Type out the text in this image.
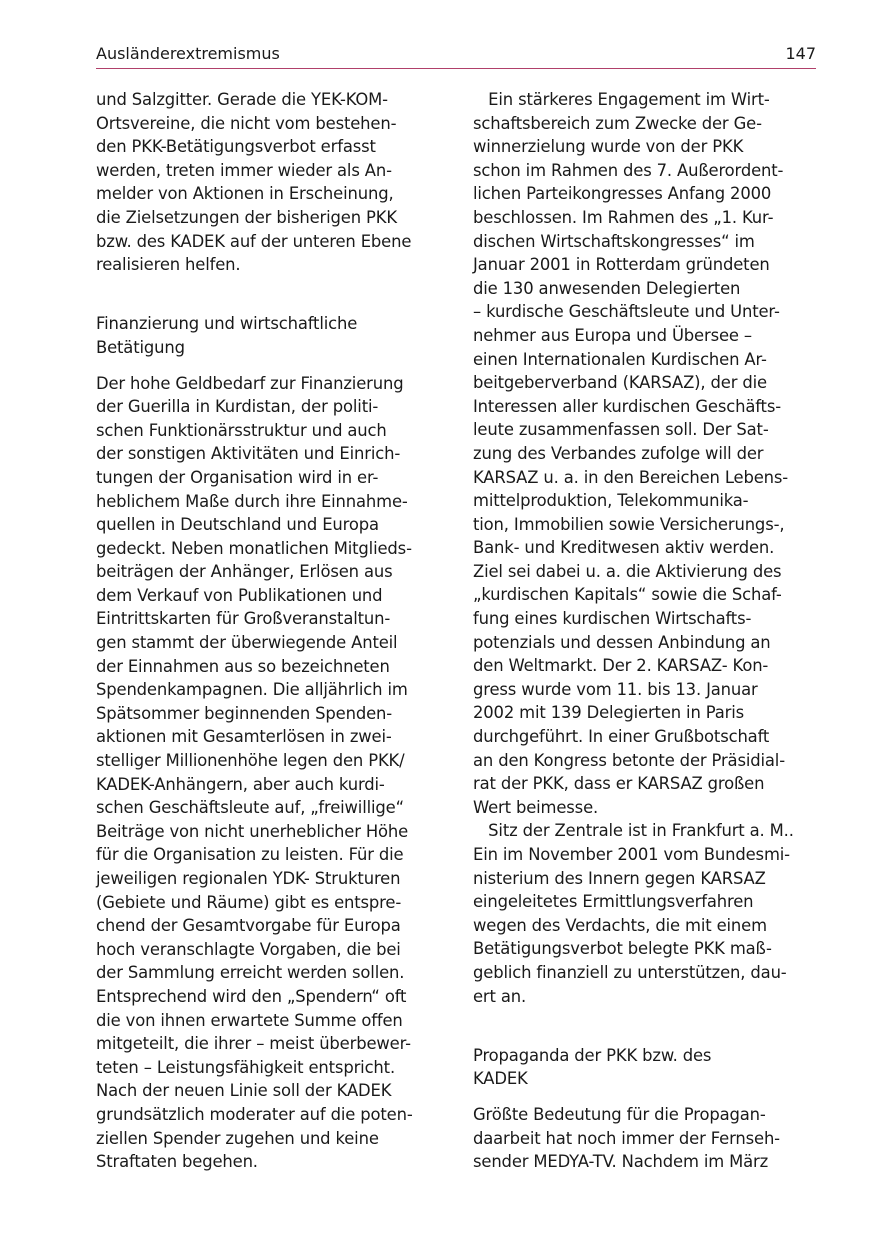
Ausländerextremismus	147
und Salzgitter. Gerade die YEK-KOM-
Ortsvereine, die nicht vom bestehen-
den PKK-Betätigungsverbot erfasst
werden, treten immer wieder als An-
melder von Aktionen in Erscheinung,
die Zielsetzungen der bisherigen PKK
bzw. des KADEK auf der unteren Ebene
realisieren helfen.
Finanzierung und wirtschaftliche
Betätigung
Der hohe Geldbedarf zur Finanzierung
der Guerilla in Kurdistan, der politi-
schen Funktionärsstruktur und auch
der sonstigen Aktivitäten und Einrich-
tungen der Organisation wird in er-
heblichem Maße durch ihre Einnahme-
quellen in Deutschland und Europa
gedeckt. Neben monatlichen Mitglieds-
beiträgen der Anhänger, Erlösen aus
dem Verkauf von Publikationen und
Eintrittskarten für Großveranstaltun-
gen stammt der überwiegende Anteil
der Einnahmen aus so bezeichneten
Spendenkampagnen. Die alljährlich im
Spätsommer beginnenden Spenden-
aktionen mit Gesamterlösen in zwei-
stelliger Millionenhöhe legen den PKK/
KADEK-Anhängern, aber auch kurdi-
schen Geschäftsleute auf, „freiwillige“
Beiträge von nicht unerheblicher Höhe
für die Organisation zu leisten. Für die
jeweiligen regionalen YDK- Strukturen
(Gebiete und Räume) gibt es entspre-
chend der Gesamtvorgabe für Europa
hoch veranschlagte Vorgaben, die bei
der Sammlung erreicht werden sollen.
Entsprechend wird den „Spendern“ oft
die von ihnen erwartete Summe offen
mitgeteilt, die ihrer – meist überbewer-
teten – Leistungsfähigkeit entspricht.
Nach der neuen Linie soll der KADEK
grundsätzlich moderater auf die poten-
ziellen Spender zugehen und keine
Straftaten begehen.
Ein stärkeres Engagement im Wirt-
schaftsbereich zum Zwecke der Ge-
winnerzielung wurde von der PKK
schon im Rahmen des 7. Außerordent-
lichen Parteikongresses Anfang 2000
beschlossen. Im Rahmen des „1. Kur-
dischen Wirtschaftskongresses“ im
Januar 2001 in Rotterdam gründeten
die 130 anwesenden Delegierten
– kurdische Geschäftsleute und Unter-
nehmer aus Europa und Übersee –
einen Internationalen Kurdischen Ar-
beitgeberverband (KARSAZ), der die
Interessen aller kurdischen Geschäfts-
leute zusammenfassen soll. Der Sat-
zung des Verbandes zufolge will der
KARSAZ u. a. in den Bereichen Lebens-
mittelproduktion, Telekommunika-
tion, Immobilien sowie Versicherungs-,
Bank- und Kreditwesen aktiv werden.
Ziel sei dabei u. a. die Aktivierung des
„kurdischen Kapitals“ sowie die Schaf-
fung eines kurdischen Wirtschafts-
potenzials und dessen Anbindung an
den Weltmarkt. Der 2. KARSAZ- Kon-
gress wurde vom 11. bis 13. Januar
2002 mit 139 Delegierten in Paris
durchgeführt. In einer Grußbotschaft
an den Kongress betonte der Präsidial-
rat der PKK, dass er KARSAZ großen
Wert beimesse.
Sitz der Zentrale ist in Frankfurt a. M..
Ein im November 2001 vom Bundesmi-
nisterium des Innern gegen KARSAZ
eingeleitetes Ermittlungsverfahren
wegen des Verdachts, die mit einem
Betätigungsverbot belegte PKK maß-
geblich finanziell zu unterstützen, dau-
ert an.
Propaganda der PKK bzw. des
KADEK
Größte Bedeutung für die Propagan-
daarbeit hat noch immer der Fernseh-
sender MEDYA-TV. Nachdem im März
